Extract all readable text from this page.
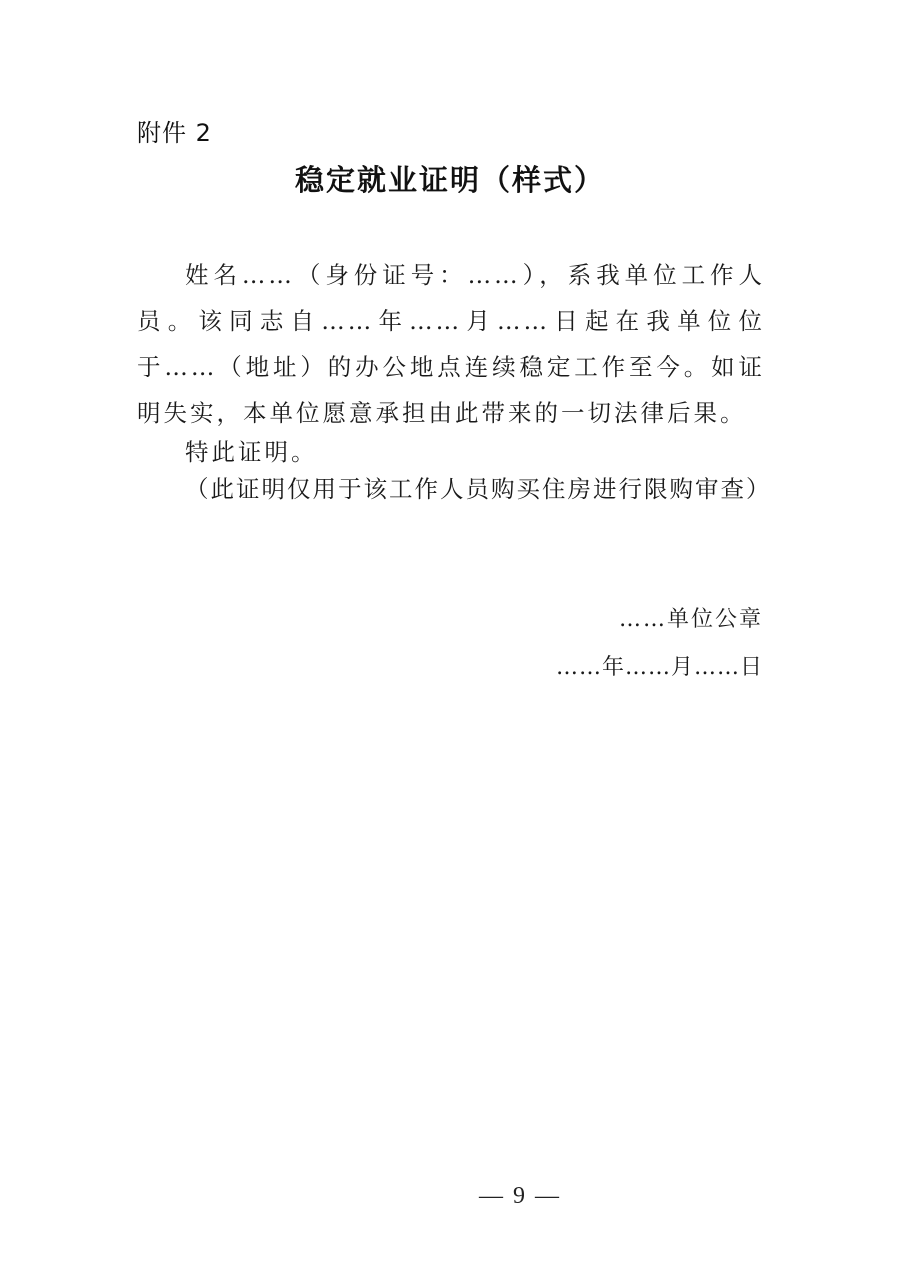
附件 2
稳定就业证明（样式）

姓名……（身份证号：……），系我单位工作人员。该同志自……年……月……日起在我单位位于……（地址）的办公地点连续稳定工作至今。如证明失实，本单位愿意承担由此带来的一切法律后果。

特此证明。

（此证明仅用于该工作人员购买住房进行限购审查）

……单位公章

……年……月……日

— 9 —
